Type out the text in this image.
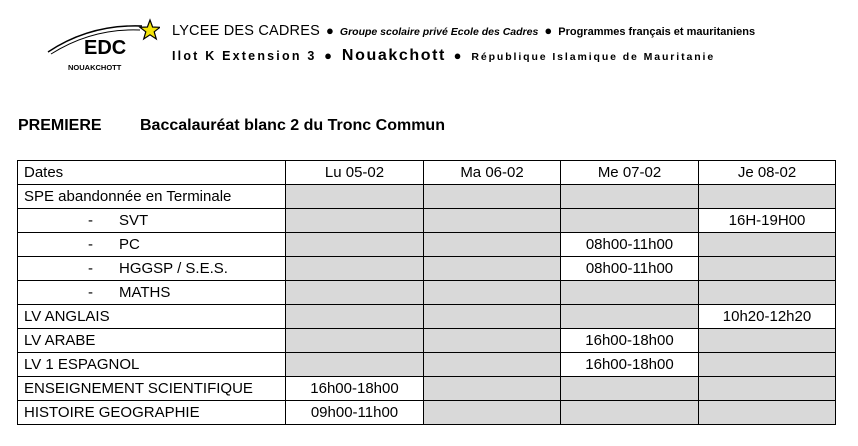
EDC
NOUAKCHOTT
LYCEE DES CADRES ● Groupe scolaire privé Ecole des Cadres ● Programmes français et mauritaniens
Ilot K Extension 3 ● Nouakchott ● République Islamique de Mauritanie
PREMIERE Baccalauréat blanc 2 du Tronc Commun
Dates	Lu 05-02	Ma 06-02	Me 07-02	Je 08-02
SPE abandonnée en Terminale				
- SVT				16H-19H00
- PC			08h00-11h00	
- HGGSP / S.E.S.			08h00-11h00	
- MATHS				
LV ANGLAIS				10h20-12h20
LV ARABE			16h00-18h00	
LV 1 ESPAGNOL			16h00-18h00	
ENSEIGNEMENT SCIENTIFIQUE	16h00-18h00			
HISTOIRE GEOGRAPHIE	09h00-11h00			
